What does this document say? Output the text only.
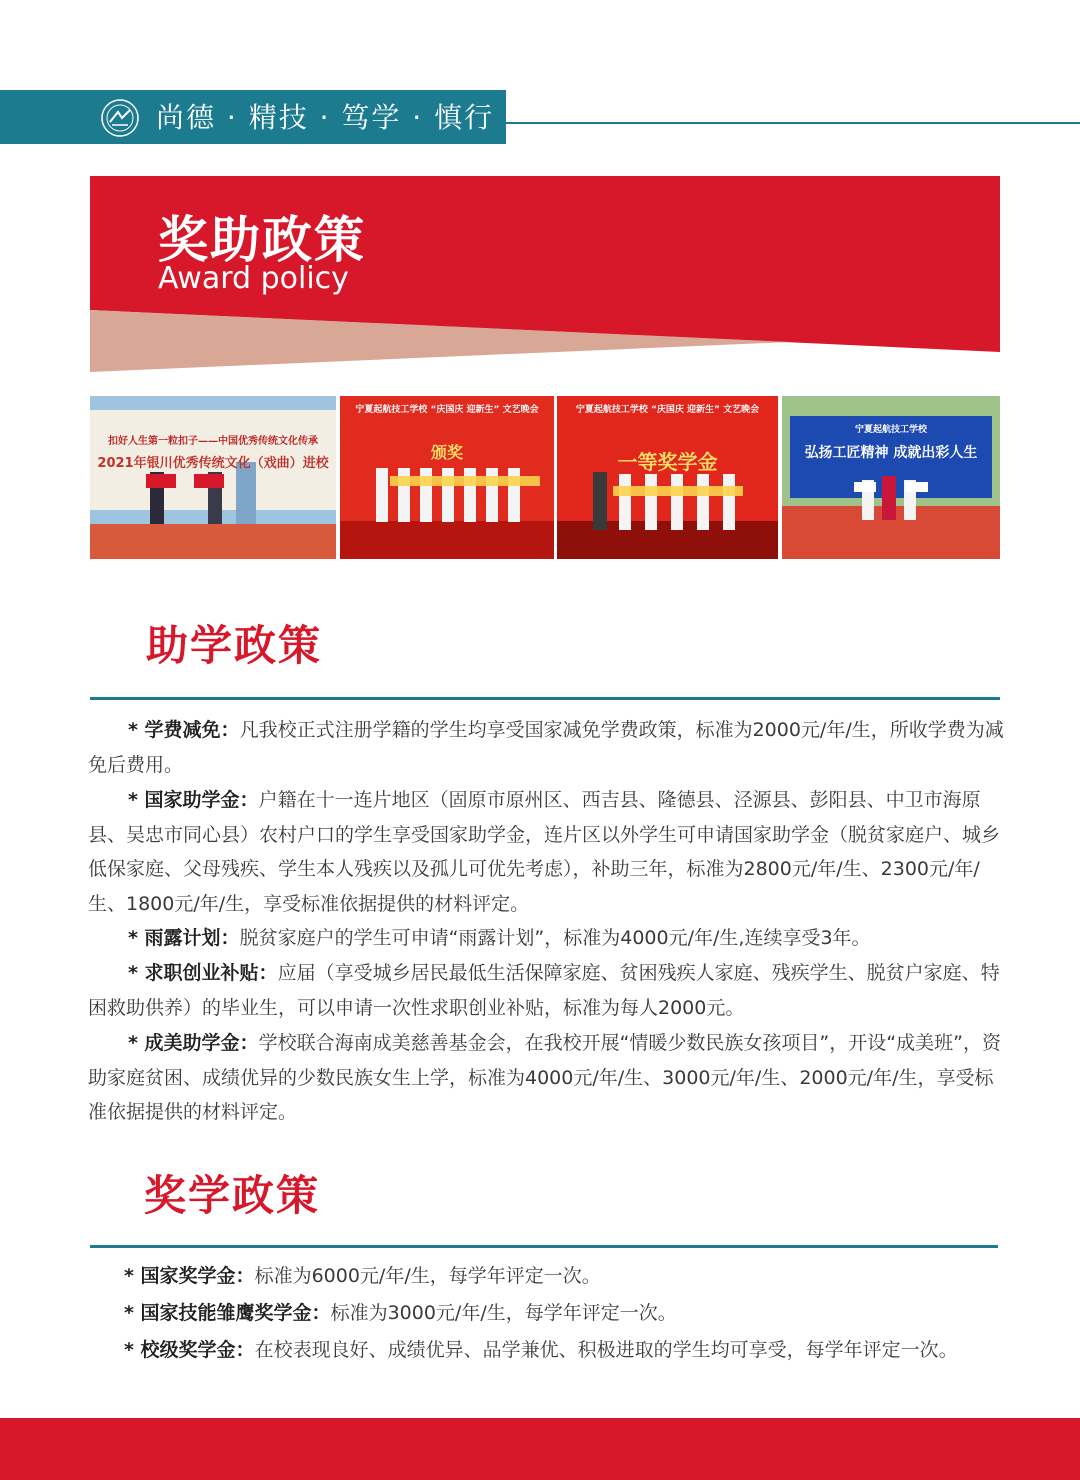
尚德 · 精技 · 笃学 · 慎行
奖助政策
Award policy
扣好人生第一粒扣子——中国优秀传统文化传承
2021年银川优秀传统文化（戏曲）进校
宁夏起航技工学校 “庆国庆 迎新生” 文艺晚会
颁奖
宁夏起航技工学校 “庆国庆 迎新生” 文艺晚会
一等奖学金
宁夏起航技工学校
弘扬工匠精神 成就出彩人生
助学政策

* 学费减免：凡我校正式注册学籍的学生均享受国家减免学费政策，标准为2000元/年/生，所收学费为减免后费用。

* 国家助学金：户籍在十一连片地区（固原市原州区、西吉县、隆德县、泾源县、彭阳县、中卫市海原县、吴忠市同心县）农村户口的学生享受国家助学金，连片区以外学生可申请国家助学金（脱贫家庭户、城乡低保家庭、父母残疾、学生本人残疾以及孤儿可优先考虑），补助三年，标准为2800元/年/生、2300元/年/生、1800元/年/生，享受标准依据提供的材料评定。

* 雨露计划：脱贫家庭户的学生可申请“雨露计划”，标准为4000元/年/生,连续享受3年。

* 求职创业补贴：应届（享受城乡居民最低生活保障家庭、贫困残疾人家庭、残疾学生、脱贫户家庭、特困救助供养）的毕业生，可以申请一次性求职创业补贴，标准为每人2000元。

* 成美助学金：学校联合海南成美慈善基金会，在我校开展“情暖少数民族女孩项目”，开设“成美班”，资助家庭贫困、成绩优异的少数民族女生上学，标准为4000元/年/生、3000元/年/生、2000元/年/生，享受标准依据提供的材料评定。

奖学政策
* 国家奖学金：标准为6000元/年/生，每学年评定一次。
* 国家技能雏鹰奖学金：标准为3000元/年/生，每学年评定一次。
* 校级奖学金：在校表现良好、成绩优异、品学兼优、积极进取的学生均可享受，每学年评定一次。
